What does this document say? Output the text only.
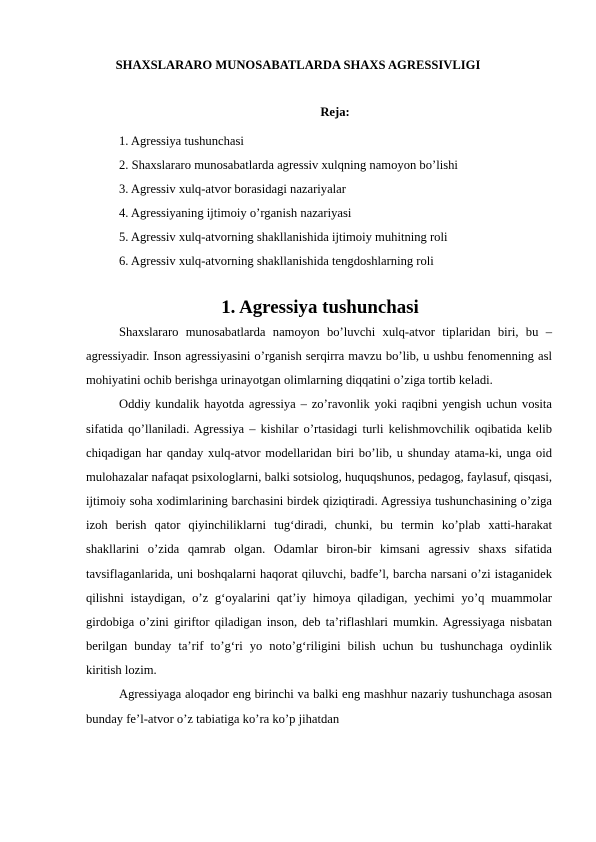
SHAXSLARARO MUNOSABATLARDA SHAXS AGRESSIVLIGI

Reja:

1. Agressiya tushunchasi
2. Shaxslararo munosabatlarda agressiv xulqning namoyon bo’lishi
3. Agressiv xulq-atvor borasidagi nazariyalar
4. Agressiyaning ijtimoiy o’rganish nazariyasi
5. Agressiv xulq-atvorning shakllanishida ijtimoiy muhitning roli
6. Agressiv xulq-atvorning shakllanishida tengdoshlarning roli
1. Agressiya tushunchasi

Shaxslararo munosabatlarda namoyon bo’luvchi xulq-atvor tiplaridan biri, bu – agressiyadir. Inson agressiyasini o’rganish serqirra mavzu bo’lib, u ushbu fenomenning asl mohiyatini ochib berishga urinayotgan olimlarning diqqatini o’ziga tortib keladi.

Oddiy kundalik hayotda agressiya – zo’ravonlik yoki raqibni yengish uchun vosita sifatida qo’llaniladi. Agressiya – kishilar o’rtasidagi turli kelishmovchilik oqibatida kelib chiqadigan har qanday xulq-atvor modellaridan biri bo’lib, u shunday atama-ki, unga oid mulohazalar nafaqat psixologlarni, balki sotsiolog, huquqshunos, pedagog, faylasuf, qisqasi, ijtimoiy soha xodimlarining barchasini birdek qiziqtiradi. Agressiya tushunchasining o’ziga izoh berish qator qiyinchiliklarni tug‘diradi, chunki, bu termin ko’plab xatti-harakat shakllarini o’zida qamrab olgan. Odamlar biron-bir kimsani agressiv shaxs sifatida tavsiflaganlarida, uni boshqalarni haqorat qiluvchi, badfe’l, barcha narsani o’zi istaganidek qilishni istaydigan, o’z g‘oyalarini qat’iy himoya qiladigan, yechimi yo’q muammolar girdobiga o’zini giriftor qiladigan inson, deb ta’riflashlari mumkin. Agressiyaga nisbatan berilgan bunday ta’rif to’g‘ri yo noto’g‘riligini bilish uchun bu tushunchaga oydinlik kiritish lozim.

Agressiyaga aloqador eng birinchi va balki eng mashhur nazariy tushunchaga asosan bunday fe’l-atvor o’z tabiatiga ko’ra ko’p jihatdan
